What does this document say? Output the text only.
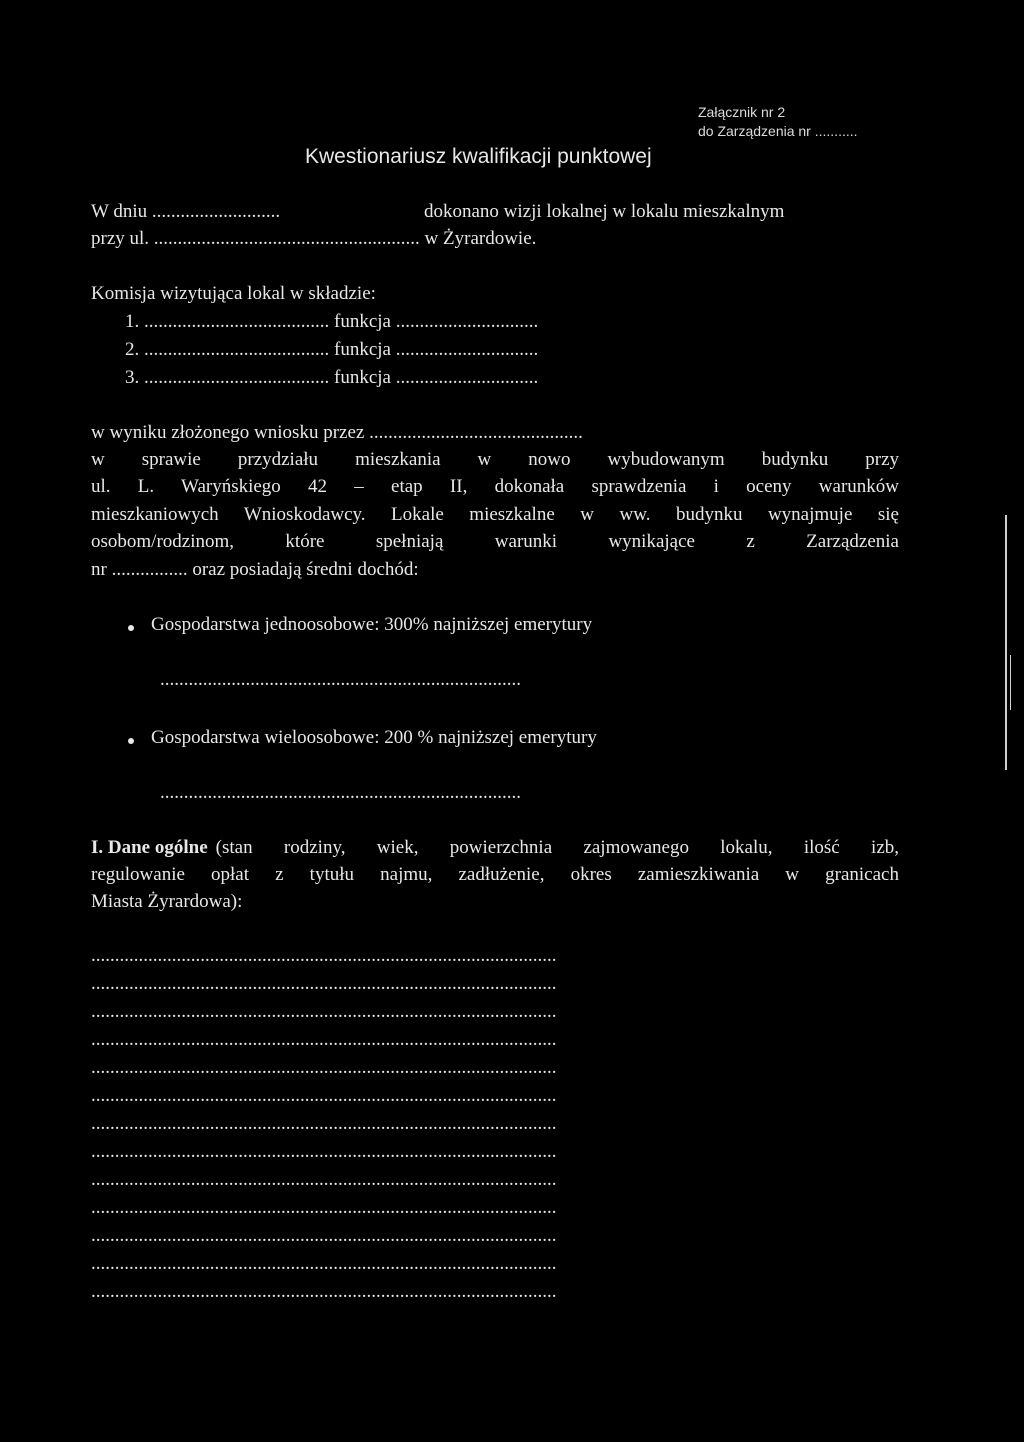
Załącznik nr 2
do Zarządzenia nr ...........
Kwestionariusz kwalifikacji punktowej
W dniu ...........................	dokonano wizji lokalnej w lokalu mieszkalnym
przy ul. ........................................................ w Żyrardowie.
Komisja wizytująca lokal w składzie:
1. ....................................... funkcja ..............................
2. ....................................... funkcja ..............................
3. ....................................... funkcja ..............................
w wyniku złożonego wniosku przez .............................................
w sprawie przydziału mieszkania w nowo wybudowanym budynku przy
ul. L. Waryńskiego 42 – etap II, dokonała sprawdzenia i oceny warunków
mieszkaniowych Wnioskodawcy. Lokale mieszkalne w ww. budynku wynajmuje się
osobom/rodzinom, które spełniają warunki wynikające z Zarządzenia
nr ................ oraz posiadają średni dochód:
Gospodarstwa jednoosobowe: 300% najniższej emerytury
............................................................................
Gospodarstwa wieloosobowe: 200 % najniższej emerytury
............................................................................
I. Dane ogólne (stan rodziny, wiek, powierzchnia zajmowanego lokalu, ilość izb,
regulowanie opłat z tytułu najmu, zadłużenie, okres zamieszkiwania w granicach
Miasta Żyrardowa):
..................................................................................................
..................................................................................................
..................................................................................................
..................................................................................................
..................................................................................................
..................................................................................................
..................................................................................................
..................................................................................................
..................................................................................................
..................................................................................................
..................................................................................................
..................................................................................................
..................................................................................................
